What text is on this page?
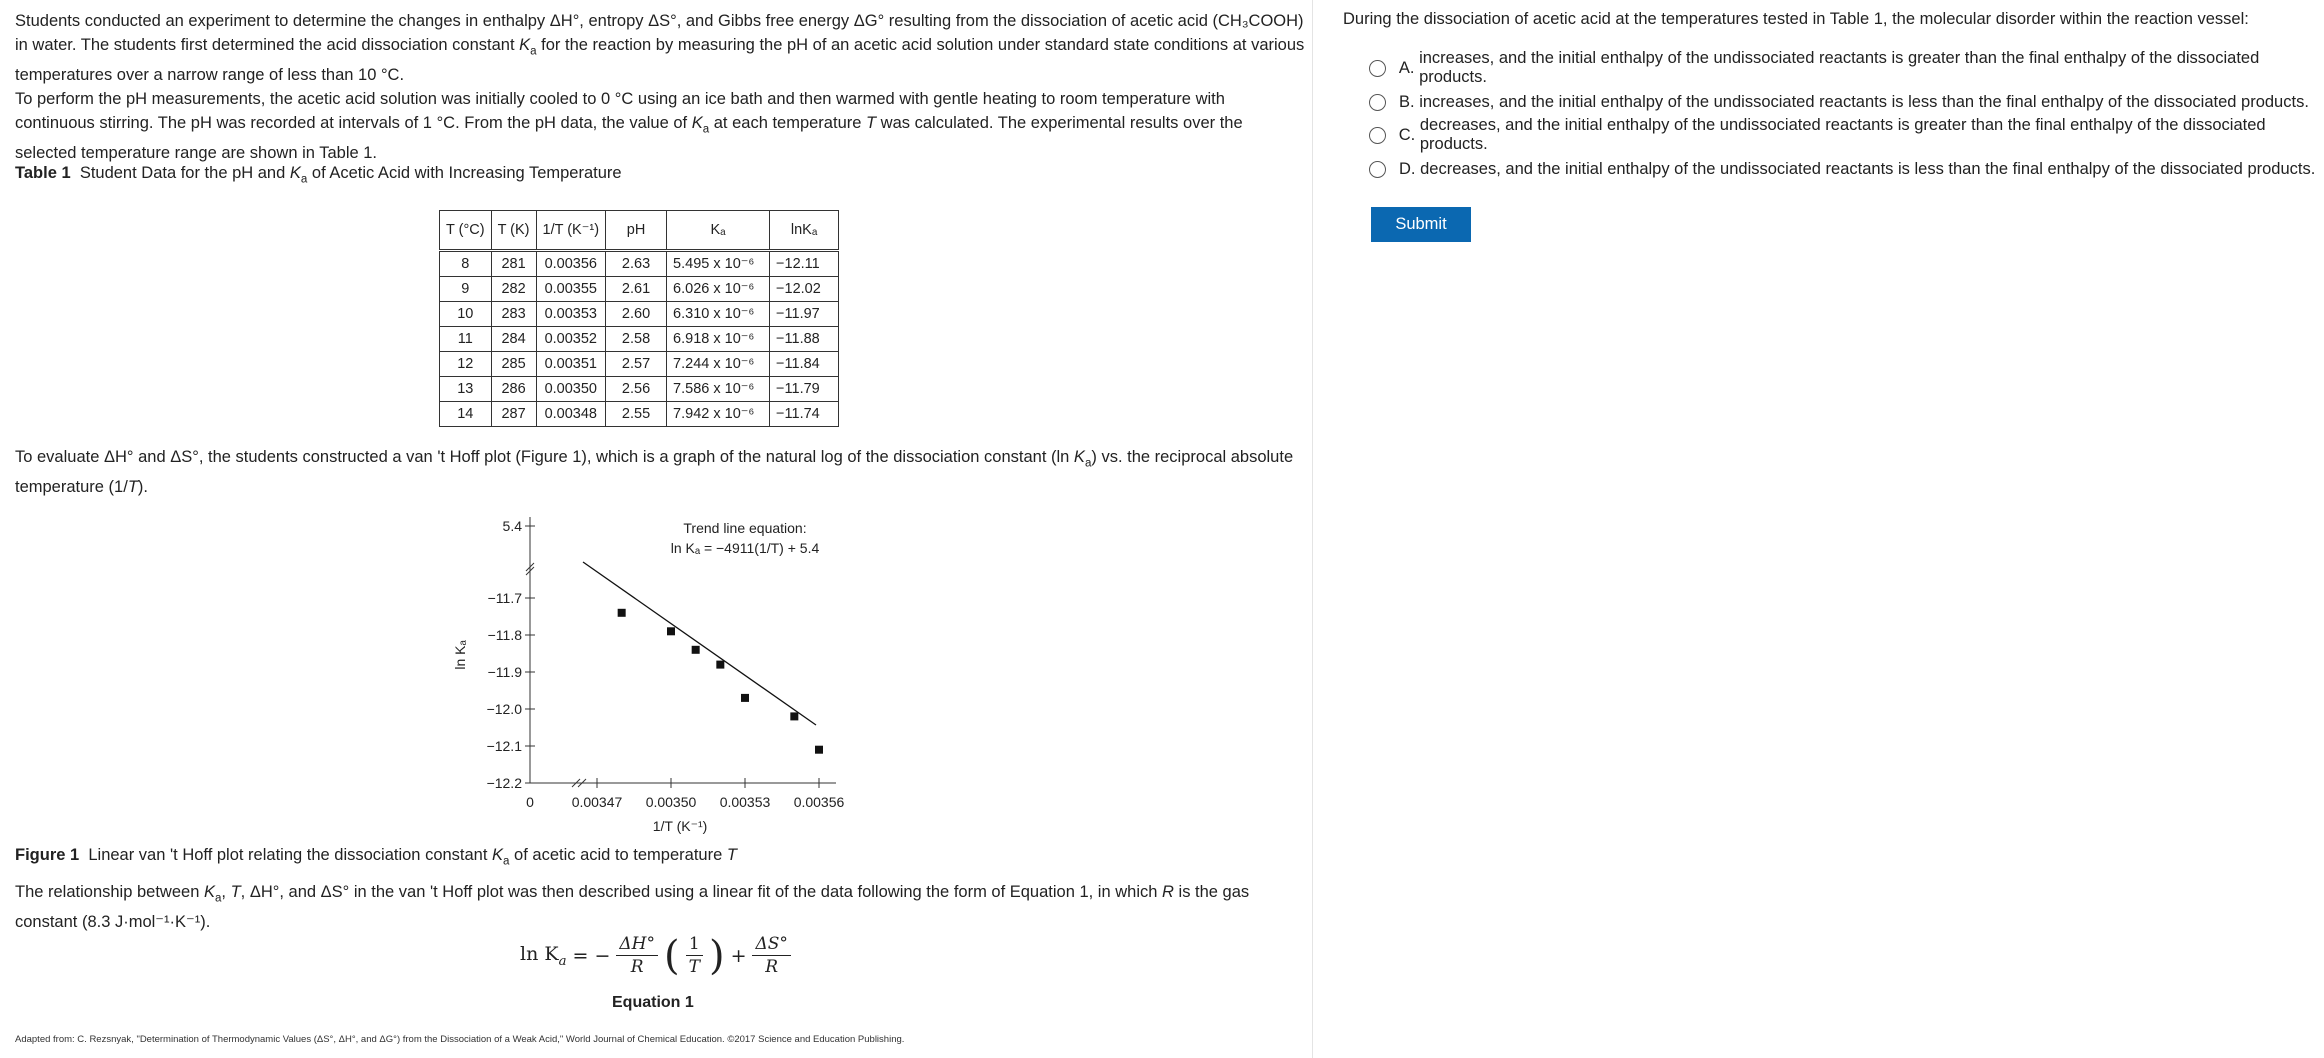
Students conducted an experiment to determine the changes in enthalpy ΔH°, entropy ΔS°, and Gibbs free energy ΔG° resulting from the dissociation of acetic acid (CH₃COOH) in water. The students first determined the acid dissociation constant $K_a$ for the reaction by measuring the pH of an acetic acid solution under standard state conditions at various temperatures over a narrow range of less than 10 °C.

To perform the pH measurements, the acetic acid solution was initially cooled to 0 °C using an ice bath and then warmed with gentle heating to room temperature with continuous stirring. The pH was recorded at intervals of 1 °C. From the pH data, the value of $K_a$ at each temperature T was calculated. The experimental results over the selected temperature range are shown in Table 1.

Table 1 Student Data for the pH and $K_a$ of Acetic Acid with Increasing Temperature
T (°C)	T (K)	1/T (K⁻¹)	pH	Kₐ	lnKₐ
8	281	0.00356	2.63	5.495 x 10⁻⁶	−12.11
9	282	0.00355	2.61	6.026 x 10⁻⁶	−12.02
10	283	0.00353	2.60	6.310 x 10⁻⁶	−11.97
11	284	0.00352	2.58	6.918 x 10⁻⁶	−11.88
12	285	0.00351	2.57	7.244 x 10⁻⁶	−11.84
13	286	0.00350	2.56	7.586 x 10⁻⁶	−11.79
14	287	0.00348	2.55	7.942 x 10⁻⁶	−11.74

To evaluate ΔH° and ΔS°, the students constructed a van 't Hoff plot (Figure 1), which is a graph of the natural log of the dissociation constant (ln $K_a$) vs. the reciprocal absolute temperature (1/T).

5.4
−11.7
−11.8
−11.9
−12.0
−12.1
−12.2
0	0.00347 0.00350 0.00353 0.00356
1/T (K⁻¹)
ln Kₐ
Trend line equation:
ln Kₐ = −4911(1/T) + 5.4
Figure 1 Linear van 't Hoff plot relating the dissociation constant $K_a$ of acetic acid to temperature T

The relationship between $K_a$, T, ΔH°, and ΔS° in the van 't Hoff plot was then described using a linear fit of the data following the form of Equation 1, in which R is the gas constant (8.3 J·mol⁻¹·K⁻¹).

$\ln K_a$ = − $\frac{\Delta H^\circ}{R}$ ( $\frac{1}{T}$ ) + $\frac{\Delta S^\circ}{R}$
Equation 1
Adapted from: C. Rezsnyak, "Determination of Thermodynamic Values (ΔS°, ΔH°, and ΔG°) from the Dissociation of a Weak Acid," World Journal of Chemical Education. ©2017 Science and Education Publishing.
During the dissociation of acetic acid at the temperatures tested in Table 1, the molecular disorder within the reaction vessel:
A.

increases, and the initial enthalpy of the undissociated reactants is greater than the final enthalpy of the dissociated products.
B.
increases, and the initial enthalpy of the undissociated reactants is less than the final enthalpy of the dissociated products.
C.

decreases, and the initial enthalpy of the undissociated reactants is greater than the final enthalpy of the dissociated products.
D.
decreases, and the initial enthalpy of the undissociated reactants is less than the final enthalpy of the dissociated products.
Submit
